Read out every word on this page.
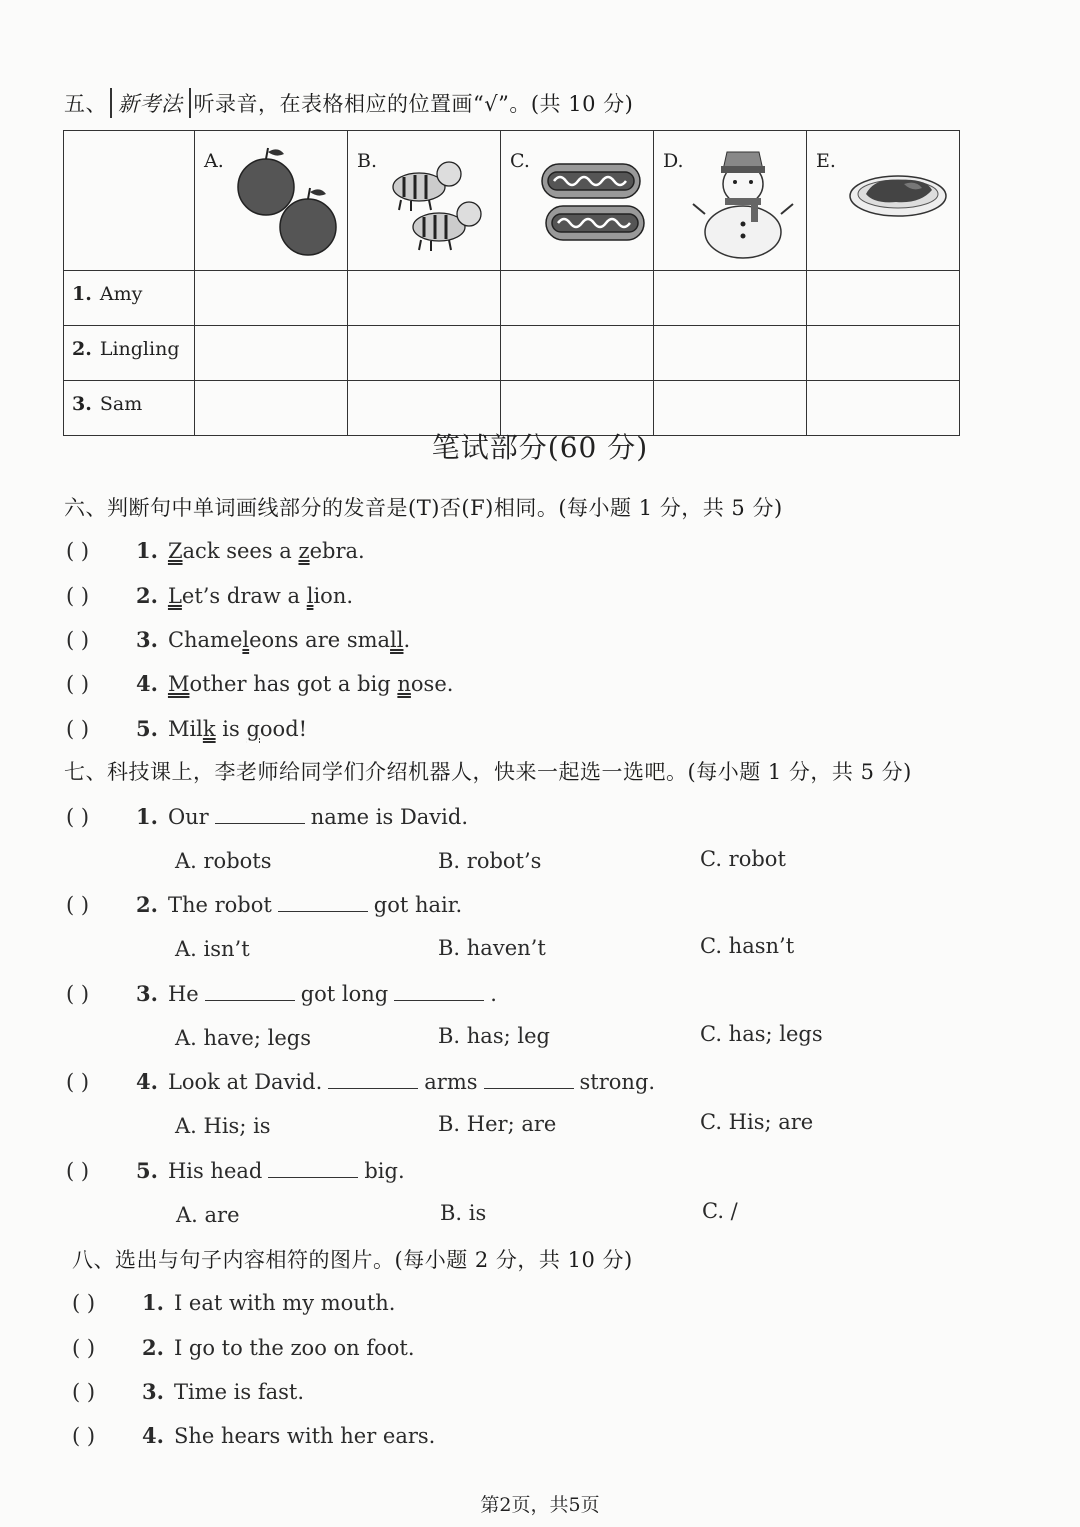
五、 新考法 听录音，在表格相应的位置画“√”。(共 10 分)

	A.	B.	C.	D.	E.

1. Amy					
2. Lingling					
3. Sam					
笔试部分(60 分)
六、判断句中单词画线部分的发音是(T)否(F)相同。(每小题 1 分，共 5 分)
( ) 1. Zack sees a zebra.
( ) 2. Let’s draw a lion.
( ) 3. Chameleons are small.
( ) 4. Mother has got a big nose.
( ) 5. Milk is good!
七、科技课上，李老师给同学们介绍机器人，快来一起选一选吧。(每小题 1 分，共 5 分)
( ) 1. Our	name is David.
A. robots	B. robot’s	C. robot
( ) 2. The robot	got hair.
A. isn’t	B. haven’t	C. hasn’t
( ) 3. He	got long	.
A. have; legs	B. has; leg	C. has; legs
( ) 4. Look at David.	arms	strong.
A. His; is	B. Her; are	C. His; are
( ) 5. His head	big.
A. are	B. is	C. /
八、选出与句子内容相符的图片。(每小题 2 分，共 10 分)
( ) 1. I eat with my mouth.
( ) 2. I go to the zoo on foot.
( ) 3. Time is fast.
( ) 4. She hears with her ears.
第2页，共5页
